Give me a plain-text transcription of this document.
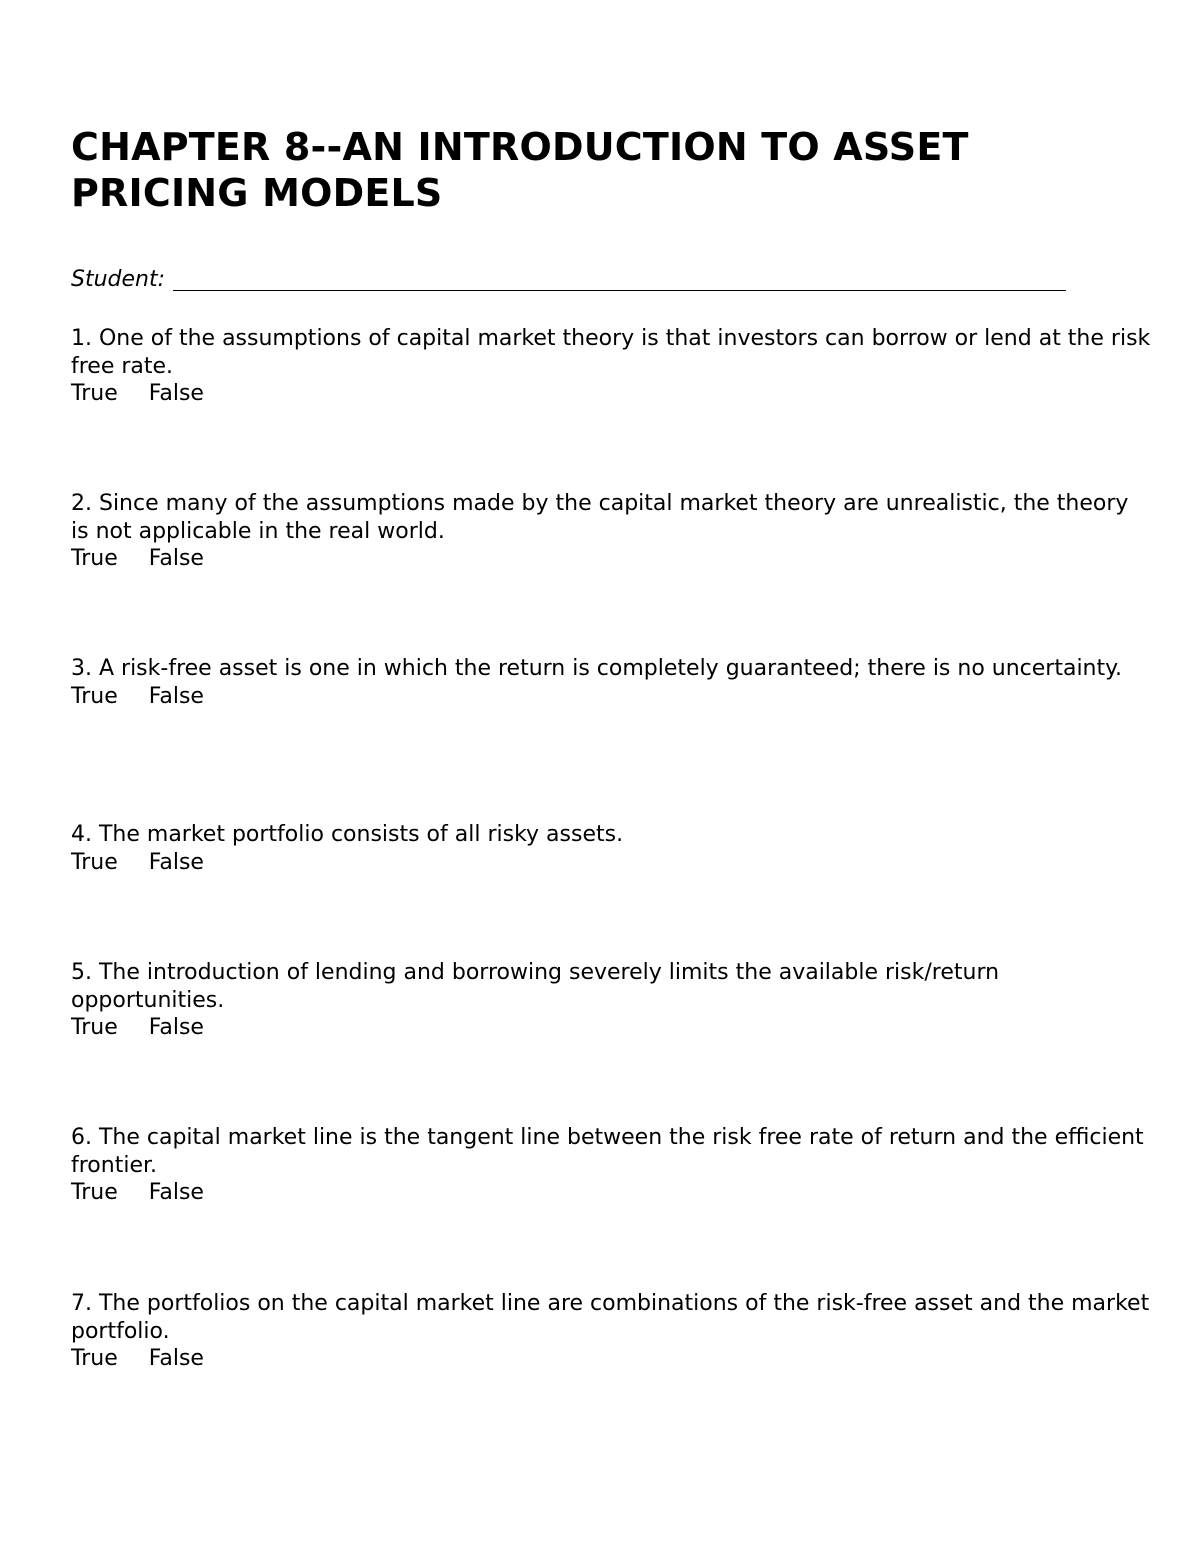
CHAPTER 8--AN INTRODUCTION TO ASSET PRICING MODELS
Student:

1. One of the assumptions of capital market theory is that investors can borrow or lend at the risk free rate.

True False

2. Since many of the assumptions made by the capital market theory are unrealistic, the theory is not applicable in the real world.

True False

3. A risk-free asset is one in which the return is completely guaranteed; there is no uncertainty.

True False

4. The market portfolio consists of all risky assets.

True False

5. The introduction of lending and borrowing severely limits the available risk/return opportunities.

True False

6. The capital market line is the tangent line between the risk free rate of return and the efficient frontier.

True False

7. The portfolios on the capital market line are combinations of the risk-free asset and the market portfolio.

True False
